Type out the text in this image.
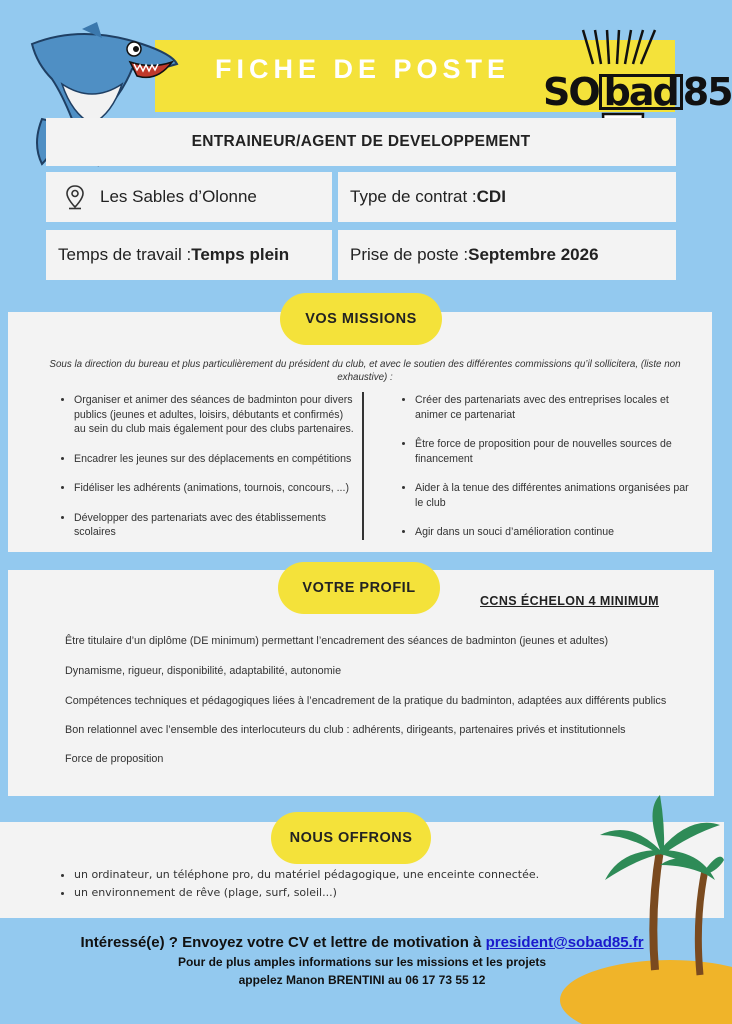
FICHE DE POSTE
SO bad 85
ENTRAINEUR/AGENT DE DEVELOPPEMENT
Les Sables d’Olonne	Type de contrat : CDI
Temps de travail : Temps plein	Prise de poste : Septembre 2026
VOS MISSIONS
Sous la direction du bureau et plus particulièrement du président du club, et avec le soutien des différentes commissions qu’il sollicitera, (liste non exhaustive) :
• Organiser et animer des séances de badminton pour divers publics (jeunes et adultes, loisirs, débutants et confirmés) au sein du club mais également pour des clubs partenaires.
• Encadrer les jeunes sur des déplacements en compétitions
• Fidéliser les adhérents (animations, tournois, concours, ...)
• Développer des partenariats avec des établissements scolaires
• Créer des partenariats avec des entreprises locales et animer ce partenariat
• Être force de proposition pour de nouvelles sources de financement
• Aider à la tenue des différentes animations organisées par le club
• Agir dans un souci d’amélioration continue
VOTRE PROFIL
CCNS ÉCHELON 4 MINIMUM
Être titulaire d’un diplôme (DE minimum) permettant l’encadrement des séances de badminton (jeunes et adultes)
Dynamisme, rigueur, disponibilité, adaptabilité, autonomie
Compétences techniques et pédagogiques liées à l’encadrement de la pratique du badminton, adaptées aux différents publics
Bon relationnel avec l’ensemble des interlocuteurs du club : adhérents, dirigeants, partenaires privés et institutionnels
Force de proposition
NOUS OFFRONS
• un ordinateur, un téléphone pro, du matériel pédagogique, une enceinte connectée.
• un environnement de rêve (plage, surf, soleil...)
Intéressé(e) ? Envoyez votre CV et lettre de motivation à president@sobad85.fr
Pour de plus amples informations sur les missions et les projets
appelez Manon BRENTINI au 06 17 73 55 12
